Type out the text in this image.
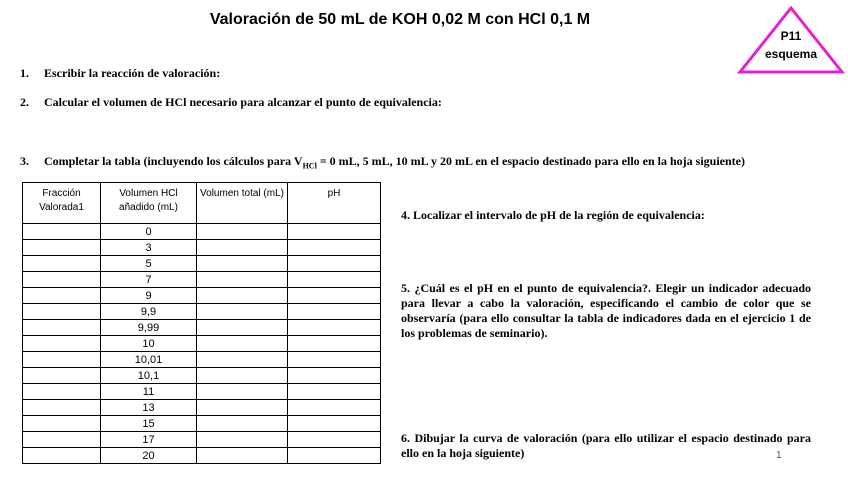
Valoración de 50 mL de KOH 0,02 M con HCl 0,1 M
P11
esquema
1. Escribir la reacción de valoración:
2. Calcular el volumen de HCl necesario para alcanzar el punto de equivalencia:
3. Completar la tabla (incluyendo los cálculos para $V_{HCl} = 0$ mL, 5 mL, 10 mL y 20 mL en el espacio destinado para ello en la hoja siguiente)
Fracción Valorada1	Volumen HCl añadido (mL)	Volumen total (mL)	pH
	0		
	3		
	5		
	7		
	9		
	9,9		
	9,99		
	10		
	10,01		
	10,1		
	11		
	13		
	15		
	17		
	20		
4. Localizar el intervalo de pH de la región de equivalencia:
5. ¿Cuál es el pH en el punto de equivalencia?. Elegir un indicador adecuado para llevar a cabo la valoración, especificando el cambio de color que se observaría (para ello consultar la tabla de indicadores dada en el ejercicio 1 de los problemas de seminario).
6. Dibujar la curva de valoración (para ello utilizar el espacio destinado para ello en la hoja siguiente)	1
